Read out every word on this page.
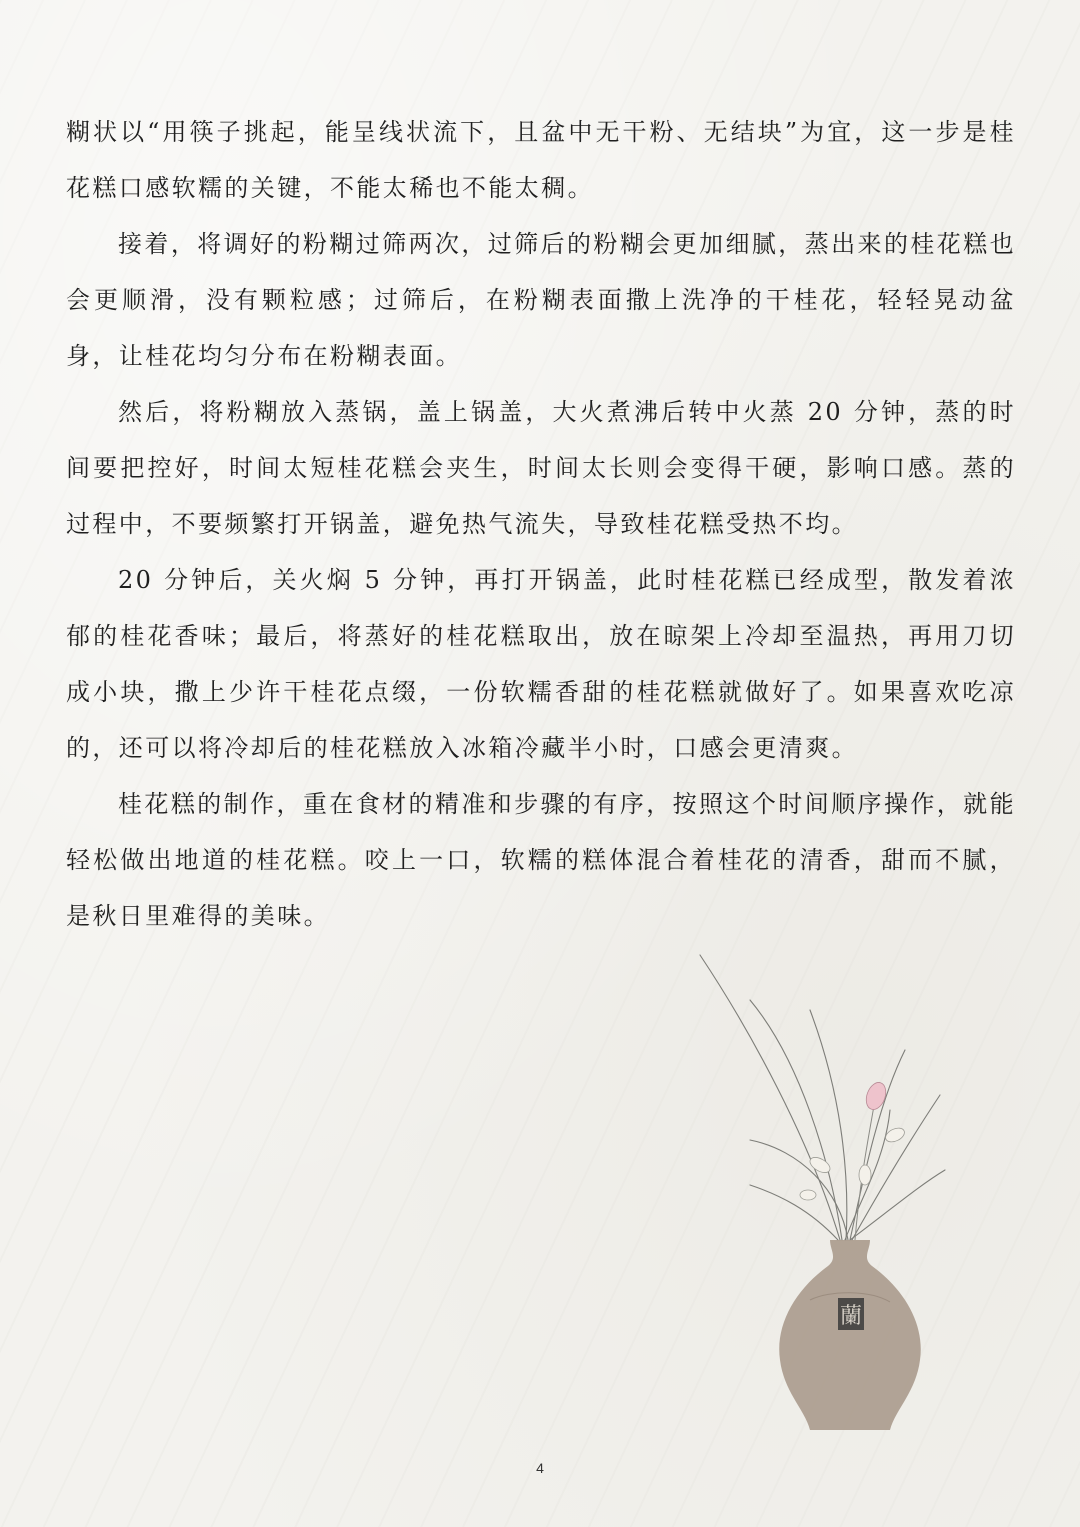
糊状以“用筷子挑起，能呈线状流下，且盆中无干粉、无结块”为宜，这一步是桂花糕口感软糯的关键，不能太稀也不能太稠。

接着，将调好的粉糊过筛两次，过筛后的粉糊会更加细腻，蒸出来的桂花糕也会更顺滑，没有颗粒感；过筛后，在粉糊表面撒上洗净的干桂花，轻轻晃动盆身，让桂花均匀分布在粉糊表面。

然后，将粉糊放入蒸锅，盖上锅盖，大火煮沸后转中火蒸 20 分钟，蒸的时间要把控好，时间太短桂花糕会夹生，时间太长则会变得干硬，影响口感。蒸的过程中，不要频繁打开锅盖，避免热气流失，导致桂花糕受热不均。

20 分钟后，关火焖 5 分钟，再打开锅盖，此时桂花糕已经成型，散发着浓郁的桂花香味；最后，将蒸好的桂花糕取出，放在晾架上冷却至温热，再用刀切成小块，撒上少许干桂花点缀，一份软糯香甜的桂花糕就做好了。如果喜欢吃凉的，还可以将冷却后的桂花糕放入冰箱冷藏半小时，口感会更清爽。

桂花糕的制作，重在食材的精准和步骤的有序，按照这个时间顺序操作，就能轻松做出地道的桂花糕。咬上一口，软糯的糕体混合着桂花的清香，甜而不腻，是秋日里难得的美味。

蘭
4
